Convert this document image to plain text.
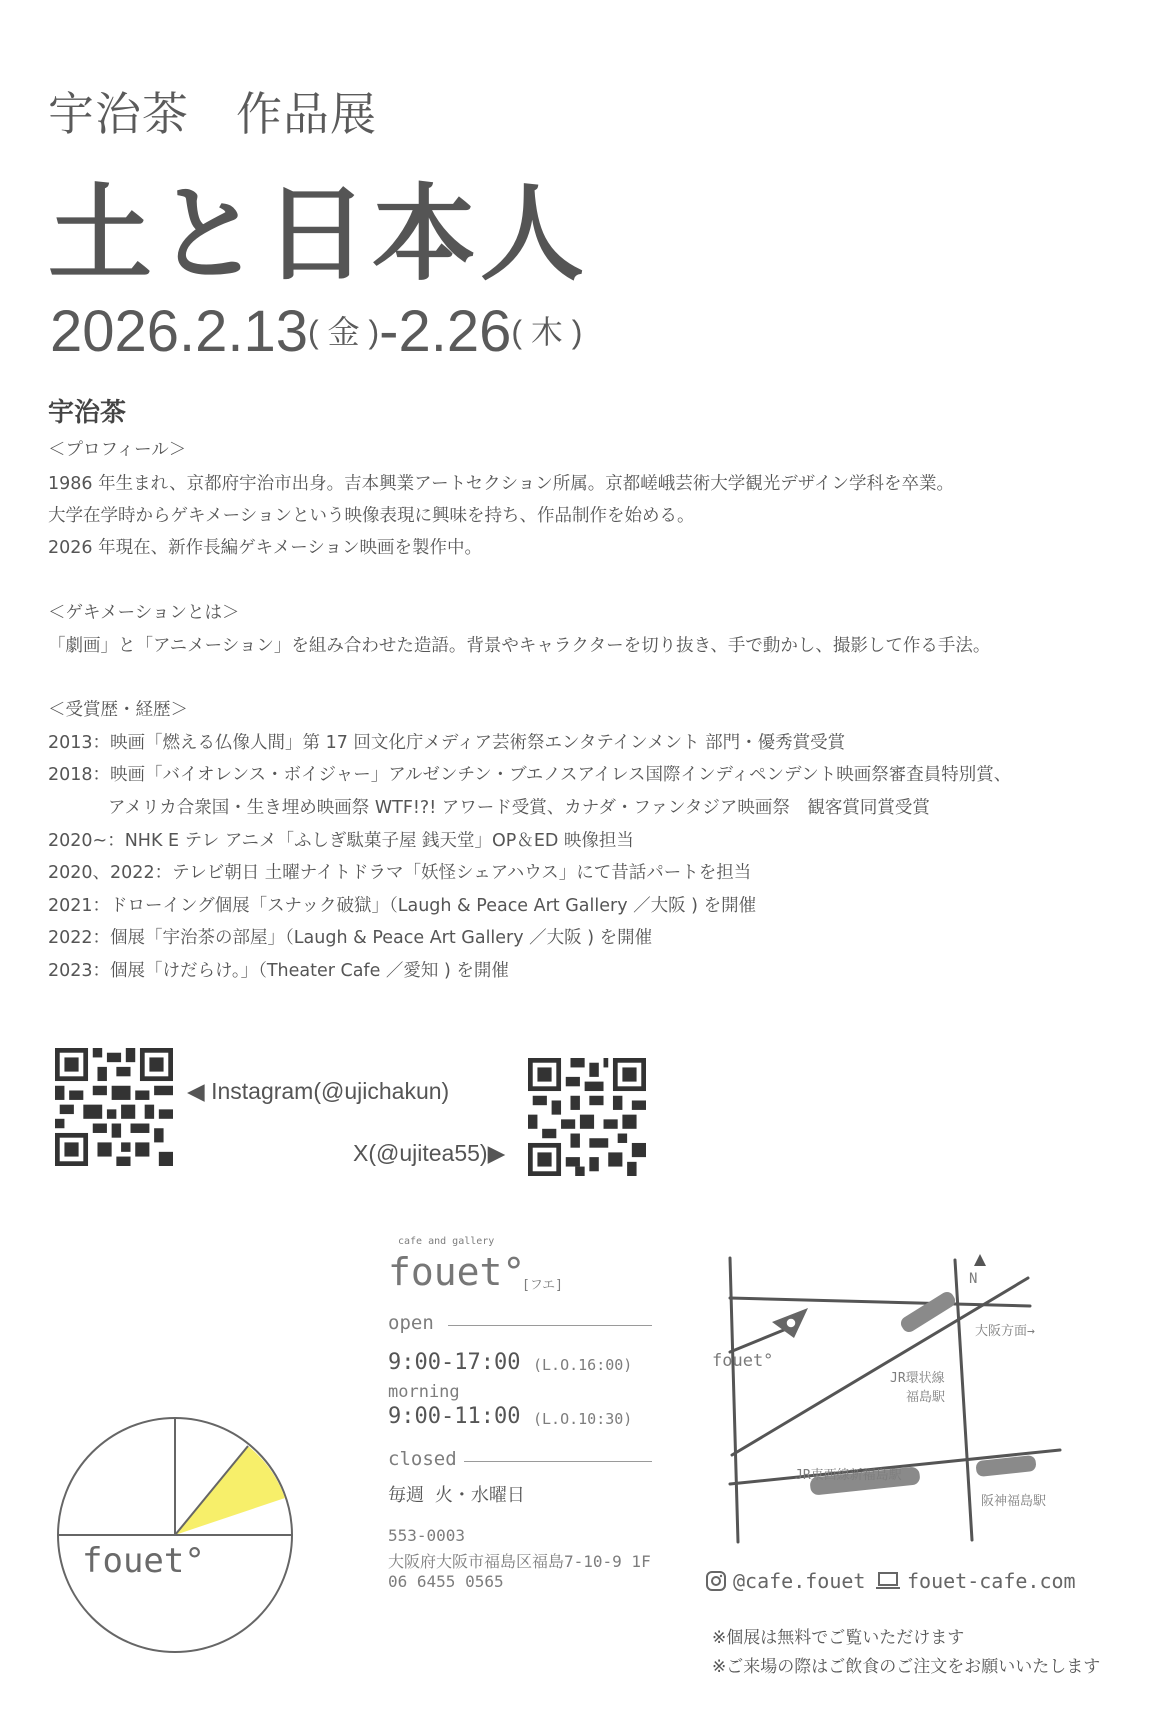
宇治茶　作品展
土と日本人
2026.2.13( 金 )-2.26( 木 )
宇治茶
＜プロフィール＞
1986 年生まれ、京都府宇治市出身。吉本興業アートセクション所属。京都嵯峨芸術大学観光デザイン学科を卒業。
大学在学時からゲキメーションという映像表現に興味を持ち、作品制作を始める。
2026 年現在、新作長編ゲキメーション映画を製作中。
＜ゲキメーションとは＞
「劇画」と「アニメーション」を組み合わせた造語。背景やキャラクターを切り抜き、手で動かし、撮影して作る手法。
＜受賞歴・経歴＞
2013：映画「燃える仏像人間」第 17 回文化庁メディア芸術祭エンタテインメント 部門・優秀賞受賞
2018：映画「バイオレンス・ボイジャー」アルゼンチン・ブエノスアイレス国際インディペンデント映画祭審査員特別賞、
アメリカ合衆国・生き埋め映画祭 WTF!?! アワード受賞、カナダ・ファンタジア映画祭　観客賞同賞受賞
2020~：NHK E テレ アニメ「ふしぎ駄菓子屋 銭天堂」OP＆ED 映像担当
2020、2022：テレビ朝日 土曜ナイトドラマ「妖怪シェアハウス」にて昔話パートを担当
2021：ドローイング個展「スナック破獄」（Laugh & Peace Art Gallery ／大阪 ) を開催
2022：個展「宇治茶の部屋」（Laugh & Peace Art Gallery ／大阪 ) を開催
2023：個展「けだらけ。」（Theater Cafe ／愛知 ) を開催
◀ Instagram(@ujichakun)
X(@ujitea55)▶
fouet°
cafe and gallery
fouet°
[フエ]
open
9:00-17:00 (L.O.16:00)
morning
9:00-11:00 (L.O.10:30)
closed
毎週 火・水曜日
553-0003
大阪府大阪市福島区福島7-10-9 1F
06 6455 0565
N
大阪方面→
fouet°
JR環状線
福島駅
JR東西線新福島駅
阪神福島駅
@cafe.fouet fouet-cafe.com
※個展は無料でご覧いただけます
※ご来場の際はご飲食のご注文をお願いいたします
